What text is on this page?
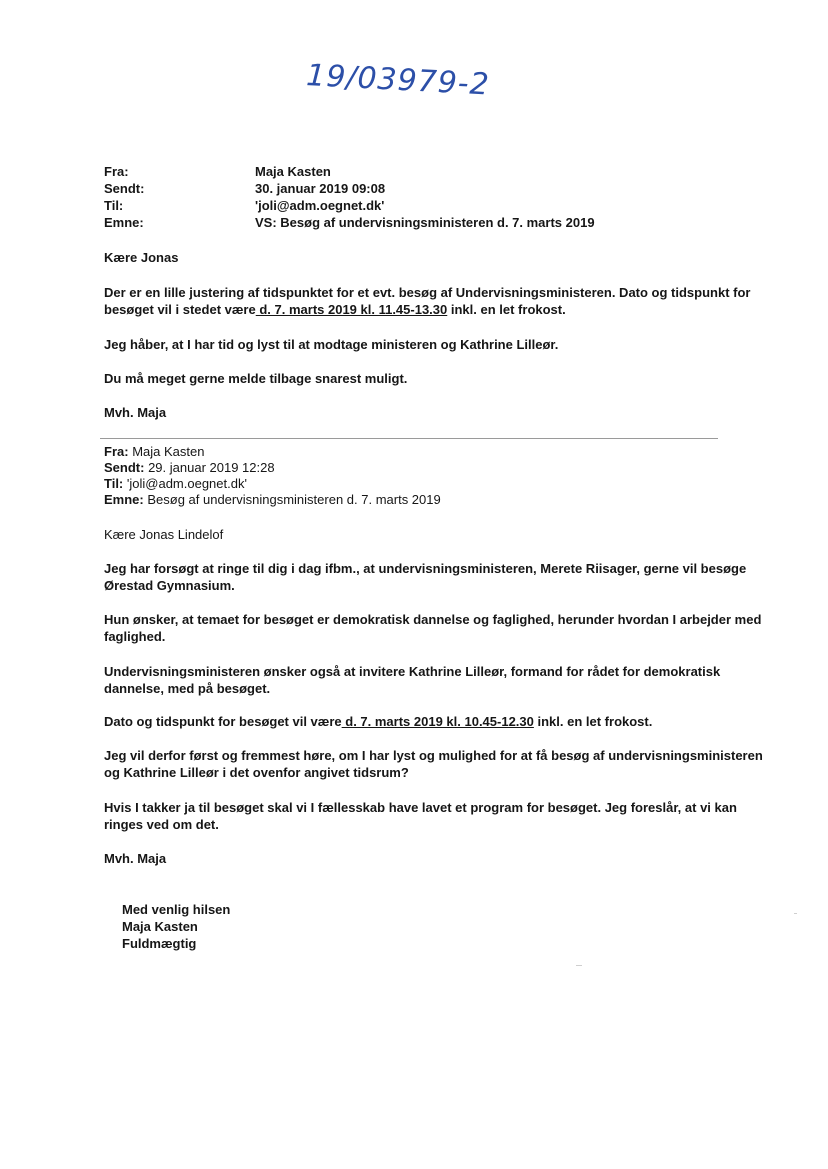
19/03979-2
Fra:	Maja Kasten
Sendt:	30. januar 2019 09:08
Til:	'joli@adm.oegnet.dk'
Emne:	VS: Besøg af undervisningsministeren d. 7. marts 2019
Kære Jonas
Der er en lille justering af tidspunktet for et evt. besøg af Undervisningsministeren. Dato og tidspunkt for
besøget vil i stedet være d. 7. marts 2019 kl. 11.45-13.30 inkl. en let frokost.
Jeg håber, at I har tid og lyst til at modtage ministeren og Kathrine Lilleør.
Du må meget gerne melde tilbage snarest muligt.
Mvh. Maja
Fra: Maja Kasten
Sendt: 29. januar 2019 12:28
Til: 'joli@adm.oegnet.dk'
Emne: Besøg af undervisningsministeren d. 7. marts 2019
Kære Jonas Lindelof
Jeg har forsøgt at ringe til dig i dag ifbm., at undervisningsministeren, Merete Riisager, gerne vil besøge
Ørestad Gymnasium.
Hun ønsker, at temaet for besøget er demokratisk dannelse og faglighed, herunder hvordan I arbejder med
faglighed.
Undervisningsministeren ønsker også at invitere Kathrine Lilleør, formand for rådet for demokratisk
dannelse, med på besøget.
Dato og tidspunkt for besøget vil være d. 7. marts 2019 kl. 10.45-12.30 inkl. en let frokost.
Jeg vil derfor først og fremmest høre, om I har lyst og mulighed for at få besøg af undervisningsministeren
og Kathrine Lilleør i det ovenfor angivet tidsrum?
Hvis I takker ja til besøget skal vi I fællesskab have lavet et program for besøget. Jeg foreslår, at vi kan
ringes ved om det.
Mvh. Maja
Med venlig hilsen
Maja Kasten
Fuldmægtig
